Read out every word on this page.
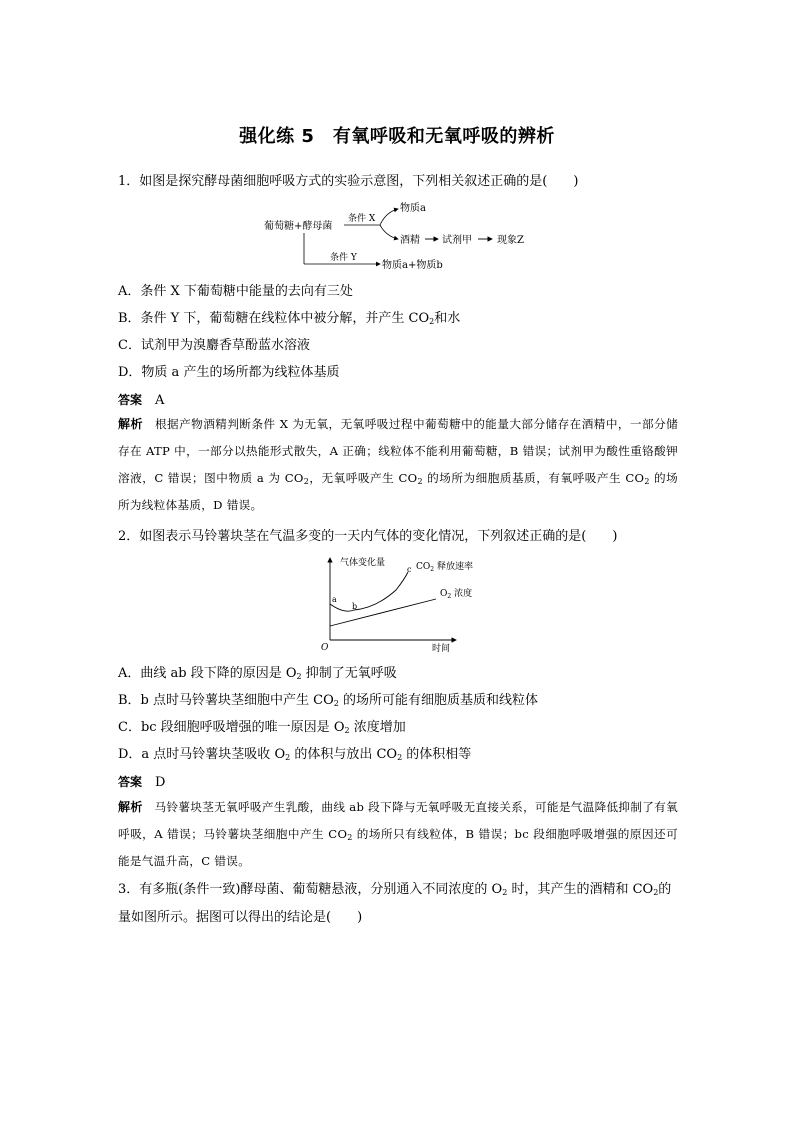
强化练 5　有氧呼吸和无氧呼吸的辨析
1．如图是探究酵母菌细胞呼吸方式的实验示意图，下列相关叙述正确的是(　　)
葡萄糖+酵母菌
条件 X
物质a
酒精 试剂甲	现象Z
条件 Y
物质a+物质b
A．条件 X 下葡萄糖中能量的去向有三处
B．条件 Y 下，葡萄糖在线粒体中被分解，并产生 $CO_2$和水
C．试剂甲为溴麝香草酚蓝水溶液
D．物质 a 产生的场所都为线粒体基质
答案　 A
解析　 根据产物酒精判断条件 X 为无氧，无氧呼吸过程中葡萄糖中的能量大部分储存在酒精中，一部分储存在 ATP 中，一部分以热能形式散失，A 正确；线粒体不能利用葡萄糖，B 错误；试剂甲为酸性重铬酸钾溶液，C 错误；图中物质 a 为 $CO_2$，无氧呼吸产生 $CO_2$ 的场所为细胞质基质，有氧呼吸产生 $CO_2$ 的场所为线粒体基质，D 错误。
2．如图表示马铃薯块茎在气温多变的一天内气体的变化情况，下列叙述正确的是(　　)
气体变化量
时间
O
a
b
c $CO_2$ 释放速率
$O_2$ 浓度
A．曲线 ab 段下降的原因是 $O_2$ 抑制了无氧呼吸
B．b 点时马铃薯块茎细胞中产生 $CO_2$ 的场所可能有细胞质基质和线粒体
C．bc 段细胞呼吸增强的唯一原因是 $O_2$ 浓度增加
D．a 点时马铃薯块茎吸收 $O_2$ 的体积与放出 $CO_2$ 的体积相等
答案　 D
解析　 马铃薯块茎无氧呼吸产生乳酸，曲线 ab 段下降与无氧呼吸无直接关系，可能是气温降低抑制了有氧呼吸，A 错误；马铃薯块茎细胞中产生 $CO_2$ 的场所只有线粒体，B 错误；bc 段细胞呼吸增强的原因还可能是气温升高，C 错误。
3．有多瓶(条件一致)酵母菌、葡萄糖悬液，分别通入不同浓度的 $O_2$ 时，其产生的酒精和 $CO_2$的量如图所示。据图可以得出的结论是(　　)
